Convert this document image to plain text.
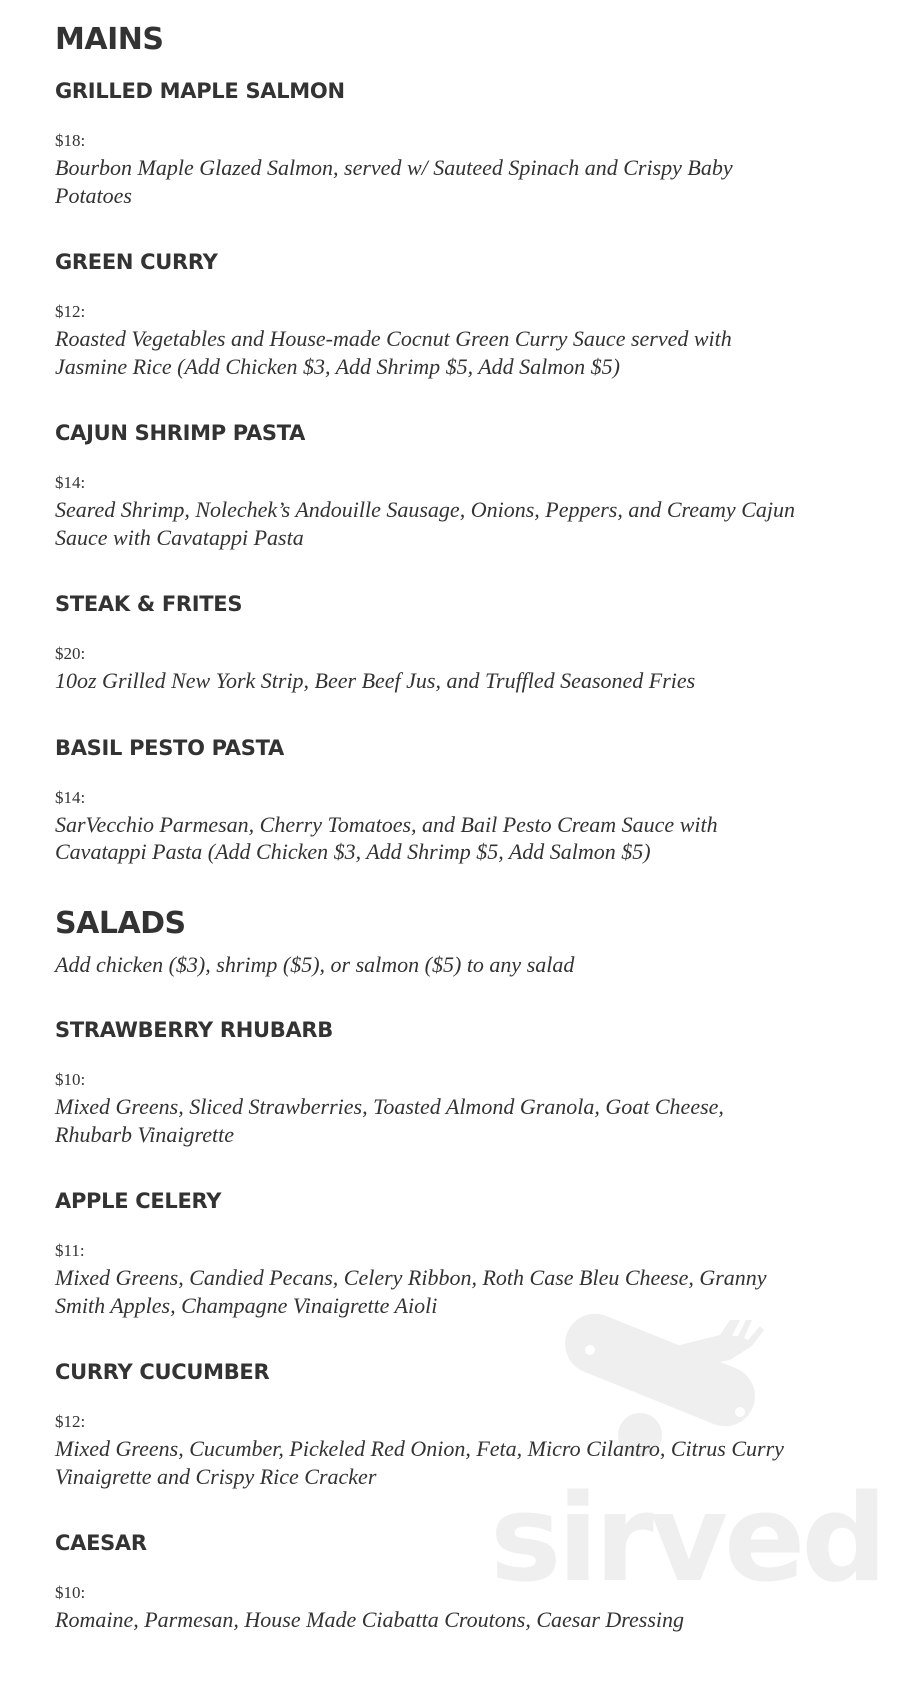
sirved
MAINS
GRILLED MAPLE SALMON
$18:
Bourbon Maple Glazed Salmon, served w/ Sauteed Spinach and Crispy Baby Potatoes
GREEN CURRY
$12:
Roasted Vegetables and House-made Cocnut Green Curry Sauce served with Jasmine Rice (Add Chicken $3, Add Shrimp $5, Add Salmon $5)
CAJUN SHRIMP PASTA
$14:
Seared Shrimp, Nolechek’s Andouille Sausage, Onions, Peppers, and Creamy Cajun Sauce with Cavatappi Pasta
STEAK & FRITES
$20:
10oz Grilled New York Strip, Beer Beef Jus, and Truffled Seasoned Fries
BASIL PESTO PASTA
$14:
SarVecchio Parmesan, Cherry Tomatoes, and Bail Pesto Cream Sauce with Cavatappi Pasta (Add Chicken $3, Add Shrimp $5, Add Salmon $5)
SALADS
Add chicken ($3), shrimp ($5), or salmon ($5) to any salad
STRAWBERRY RHUBARB
$10:
Mixed Greens, Sliced Strawberries, Toasted Almond Granola, Goat Cheese, Rhubarb Vinaigrette
APPLE CELERY
$11:
Mixed Greens, Candied Pecans, Celery Ribbon, Roth Case Bleu Cheese, Granny Smith Apples, Champagne Vinaigrette Aioli
CURRY CUCUMBER
$12:
Mixed Greens, Cucumber, Pickeled Red Onion, Feta, Micro Cilantro, Citrus Curry Vinaigrette and Crispy Rice Cracker
CAESAR
$10:
Romaine, Parmesan, House Made Ciabatta Croutons, Caesar Dressing
